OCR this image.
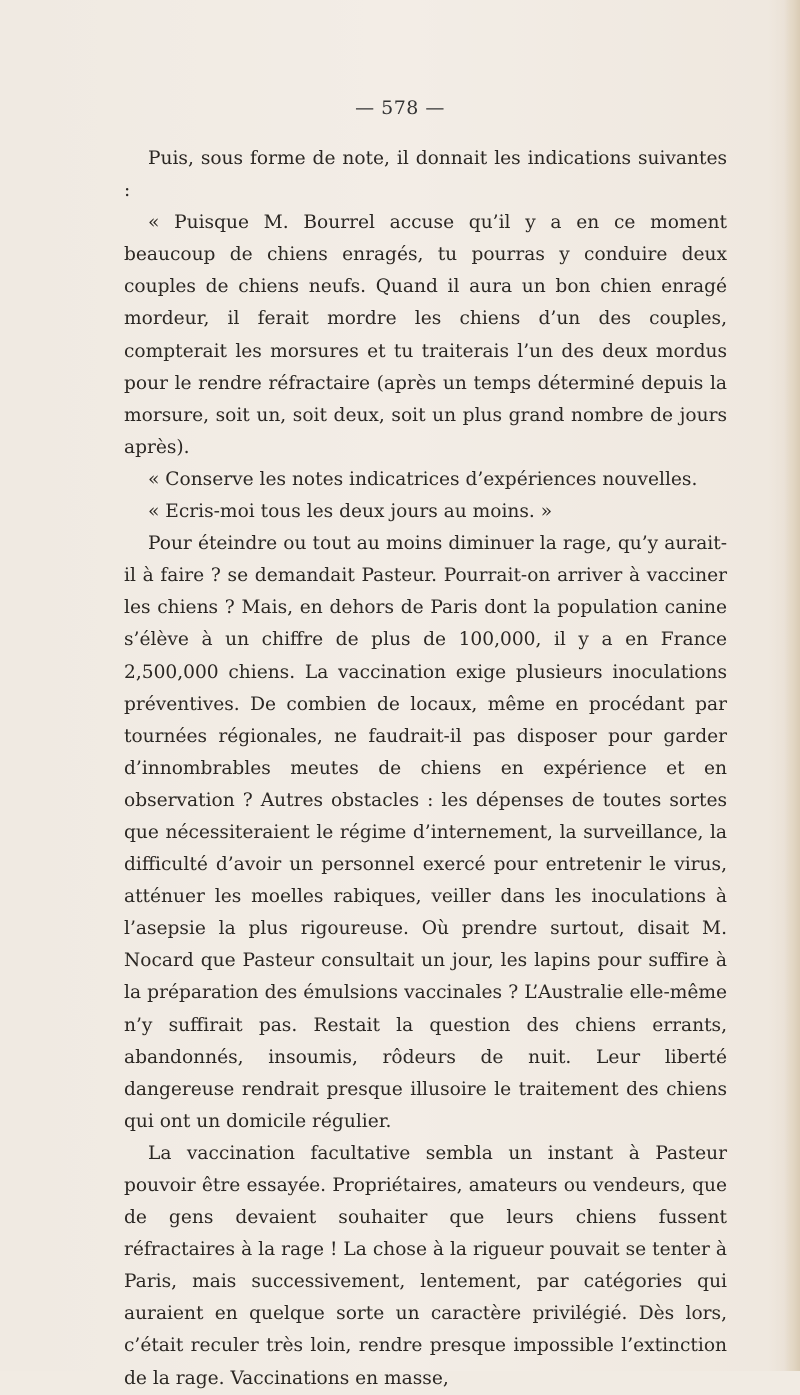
— 578 —

Puis, sous forme de note, il donnait les indications suivantes :

« Puisque M. Bourrel accuse qu’il y a en ce moment beaucoup de chiens enragés, tu pourras y conduire deux couples de chiens neufs. Quand il aura un bon chien enragé mordeur, il ferait mordre les chiens d’un des couples, compterait les morsures et tu traiterais l’un des deux mordus pour le rendre réfractaire (après un temps déterminé depuis la morsure, soit un, soit deux, soit un plus grand nombre de jours après).

« Conserve les notes indicatrices d’expériences nouvelles.

« Ecris-moi tous les deux jours au moins. »

Pour éteindre ou tout au moins diminuer la rage, qu’y aurait-il à faire ? se demandait Pasteur. Pourrait-on arriver à vacciner les chiens ? Mais, en dehors de Paris dont la population canine s’élève à un chiffre de plus de 100,000, il y a en France 2,500,000 chiens. La vaccination exige plusieurs inoculations préventives. De combien de locaux, même en procédant par tournées régionales, ne faudrait-il pas disposer pour garder d’innombrables meutes de chiens en expérience et en observation ? Autres obstacles : les dépenses de toutes sortes que nécessiteraient le régime d’internement, la surveillance, la difficulté d’avoir un personnel exercé pour entretenir le virus, atténuer les moelles rabiques, veiller dans les inoculations à l’asepsie la plus rigoureuse. Où prendre surtout, disait M. Nocard que Pasteur consultait un jour, les lapins pour suffire à la préparation des émulsions vaccinales ? L’Australie elle-même n’y suffirait pas. Restait la question des chiens errants, abandonnés, insoumis, rôdeurs de nuit. Leur liberté dangereuse rendrait presque illusoire le traitement des chiens qui ont un domicile régulier.

La vaccination facultative sembla un instant à Pasteur pouvoir être essayée. Propriétaires, amateurs ou vendeurs, que de gens devaient souhaiter que leurs chiens fussent réfractaires à la rage ! La chose à la rigueur pouvait se tenter à Paris, mais successivement, lentement, par catégories qui auraient en quelque sorte un caractère privilégié. Dès lors, c’était reculer très loin, rendre presque impossible l’extinction de la rage. Vaccinations en masse,
